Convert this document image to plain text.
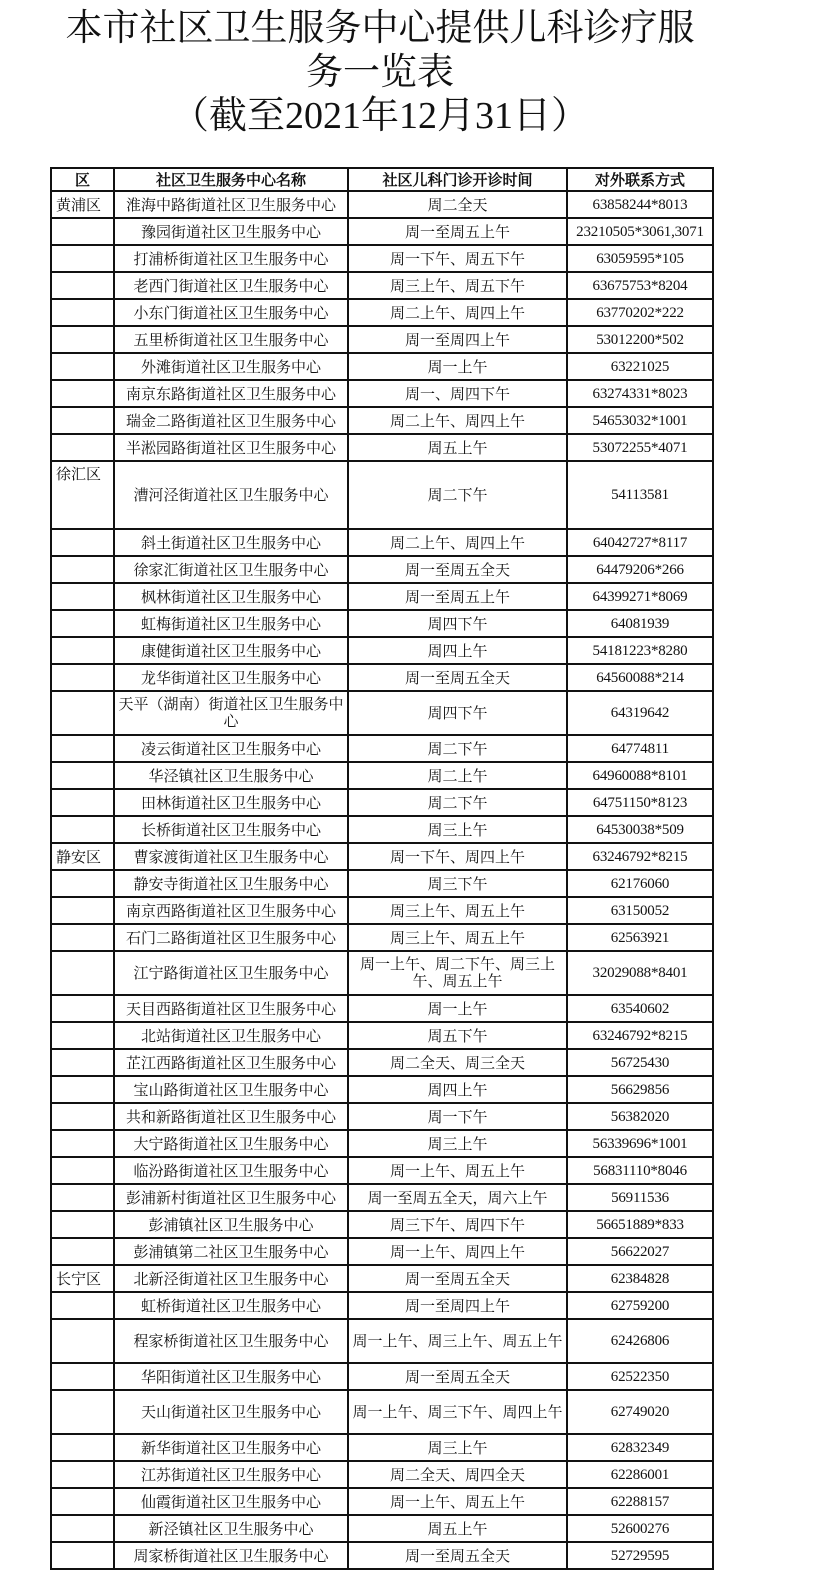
本市社区卫生服务中心提供儿科诊疗服
务一览表
（截至2021年12月31日）
区	社区卫生服务中心名称	社区儿科门诊开诊时间	对外联系方式
黄浦区	淮海中路街道社区卫生服务中心	周二全天	63858244*8013
	豫园街道社区卫生服务中心	周一至周五上午	23210505*3061,3071
	打浦桥街道社区卫生服务中心	周一下午、周五下午	63059595*105
	老西门街道社区卫生服务中心	周三上午、周五下午	63675753*8204
	小东门街道社区卫生服务中心	周二上午、周四上午	63770202*222
	五里桥街道社区卫生服务中心	周一至周四上午	53012200*502
	外滩街道社区卫生服务中心	周一上午	63221025
	南京东路街道社区卫生服务中心	周一、周四下午	63274331*8023
	瑞金二路街道社区卫生服务中心	周二上午、周四上午	54653032*1001
	半淞园路街道社区卫生服务中心	周五上午	53072255*4071
徐汇区	漕河泾街道社区卫生服务中心	周二下午	54113581
	斜土街道社区卫生服务中心	周二上午、周四上午	64042727*8117
	徐家汇街道社区卫生服务中心	周一至周五全天	64479206*266
	枫林街道社区卫生服务中心	周一至周五上午	64399271*8069
	虹梅街道社区卫生服务中心	周四下午	64081939
	康健街道社区卫生服务中心	周四上午	54181223*8280
	龙华街道社区卫生服务中心	周一至周五全天	64560088*214
	天平（湖南）街道社区卫生服务中心	周四下午	64319642
	凌云街道社区卫生服务中心	周二下午	64774811
	华泾镇社区卫生服务中心	周二上午	64960088*8101
	田林街道社区卫生服务中心	周二下午	64751150*8123
	长桥街道社区卫生服务中心	周三上午	64530038*509
静安区	曹家渡街道社区卫生服务中心	周一下午、周四上午	63246792*8215
	静安寺街道社区卫生服务中心	周三下午	62176060
	南京西路街道社区卫生服务中心	周三上午、周五上午	63150052
	石门二路街道社区卫生服务中心	周三上午、周五上午	62563921
	江宁路街道社区卫生服务中心	周一上午、周二下午、周三上午、周五上午	32029088*8401
	天目西路街道社区卫生服务中心	周一上午	63540602
	北站街道社区卫生服务中心	周五下午	63246792*8215
	芷江西路街道社区卫生服务中心	周二全天、周三全天	56725430
	宝山路街道社区卫生服务中心	周四上午	56629856
	共和新路街道社区卫生服务中心	周一下午	56382020
	大宁路街道社区卫生服务中心	周三上午	56339696*1001
	临汾路街道社区卫生服务中心	周一上午、周五上午	56831110*8046
	彭浦新村街道社区卫生服务中心	周一至周五全天，周六上午	56911536
	彭浦镇社区卫生服务中心	周三下午、周四下午	56651889*833
	彭浦镇第二社区卫生服务中心	周一上午、周四上午	56622027
长宁区	北新泾街道社区卫生服务中心	周一至周五全天	62384828
	虹桥街道社区卫生服务中心	周一至周四上午	62759200
	程家桥街道社区卫生服务中心	周一上午、周三上午、周五上午	62426806
	华阳街道社区卫生服务中心	周一至周五全天	62522350
	天山街道社区卫生服务中心	周一上午、周三下午、周四上午	62749020
	新华街道社区卫生服务中心	周三上午	62832349
	江苏街道社区卫生服务中心	周二全天、周四全天	62286001
	仙霞街道社区卫生服务中心	周一上午、周五上午	62288157
	新泾镇社区卫生服务中心	周五上午	52600276
	周家桥街道社区卫生服务中心	周一至周五全天	52729595
